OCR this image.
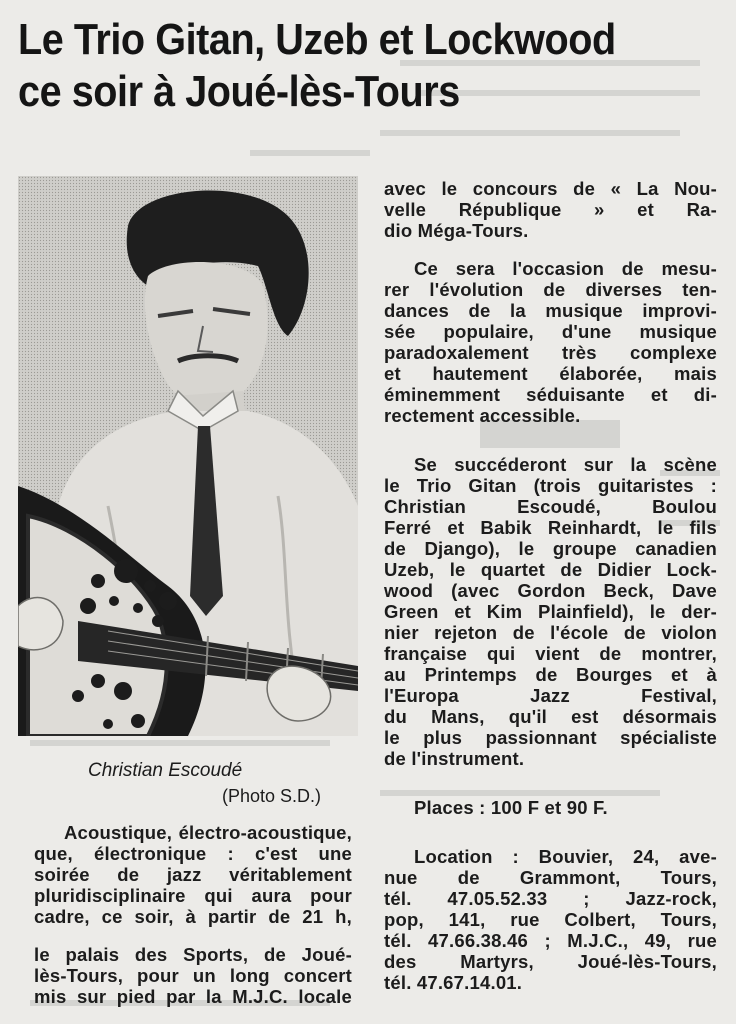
Le Trio Gitan, Uzeb et Lockwood
ce soir à Joué-lès-Tours
Christian Escoudé
(Photo S.D.)
Acoustique, électro-acoustique,
que, électronique : c'est une
soirée de jazz véritablement
pluridisciplinaire qui aura pour
cadre, ce soir, à partir de 21 h,
le palais des Sports, de Joué-
lès-Tours, pour un long concert
mis sur pied par la M.J.C. locale
avec le concours de « La Nou-
velle République » et Ra-
dio Méga-Tours.
Ce sera l'occasion de mesu-
rer l'évolution de diverses ten-
dances de la musique improvi-
sée populaire, d'une musique
paradoxalement très complexe
et hautement élaborée, mais
éminemment séduisante et di-
rectement accessible.
Se succéderont sur la scène
le Trio Gitan (trois guitaristes :
Christian Escoudé, Boulou
Ferré et Babik Reinhardt, le fils
de Django), le groupe canadien
Uzeb, le quartet de Didier Lock-
wood (avec Gordon Beck, Dave
Green et Kim Plainfield), le der-
nier rejeton de l'école de violon
française qui vient de montrer,
au Printemps de Bourges et à
l'Europa Jazz Festival,
du Mans, qu'il est désormais
le plus passionnant spécialiste
de l'instrument.
Places : 100 F et 90 F.
Location : Bouvier, 24, ave-
nue de Grammont, Tours,
tél. 47.05.52.33 ; Jazz-rock,
pop, 141, rue Colbert, Tours,
tél. 47.66.38.46 ; M.J.C., 49, rue
des Martyrs, Joué-lès-Tours,
tél. 47.67.14.01.
